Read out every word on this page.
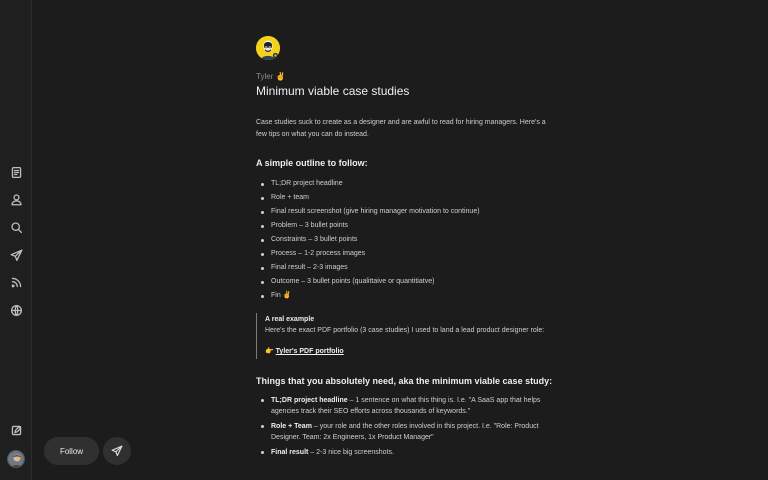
Follow
Tyler ✌️
Minimum viable case studies

Case studies suck to create as a designer and are awful to read for hiring managers. Here's a few tips on what you can do instead.

A simple outline to follow:
TL;DR project headline
Role + team
Final result screenshot (give hiring manager motivation to continue)
Problem – 3 bullet points
Constraints – 3 bullet points
Process – 1-2 process images
Final result – 2-3 images
Outcome – 3 bullet points (qualittaive or quantitiatve)
Fin ✌️
A real example
Here's the exact PDF portfolio (3 case studies) I used to land a lead product designer role:
👉 Tyler's PDF portfolio
Things that you absolutely need, aka the minimum viable case study:
TL;DR project headline – 1 sentence on what this thing is. I.e. "A SaaS app that helps agencies track their SEO efforts across thousands of keywords."
Role + Team – your role and the other roles involved in this project. I.e. "Role: Product Designer. Team: 2x Engineers, 1x Product Manager"
Final result – 2-3 nice big screenshots.
